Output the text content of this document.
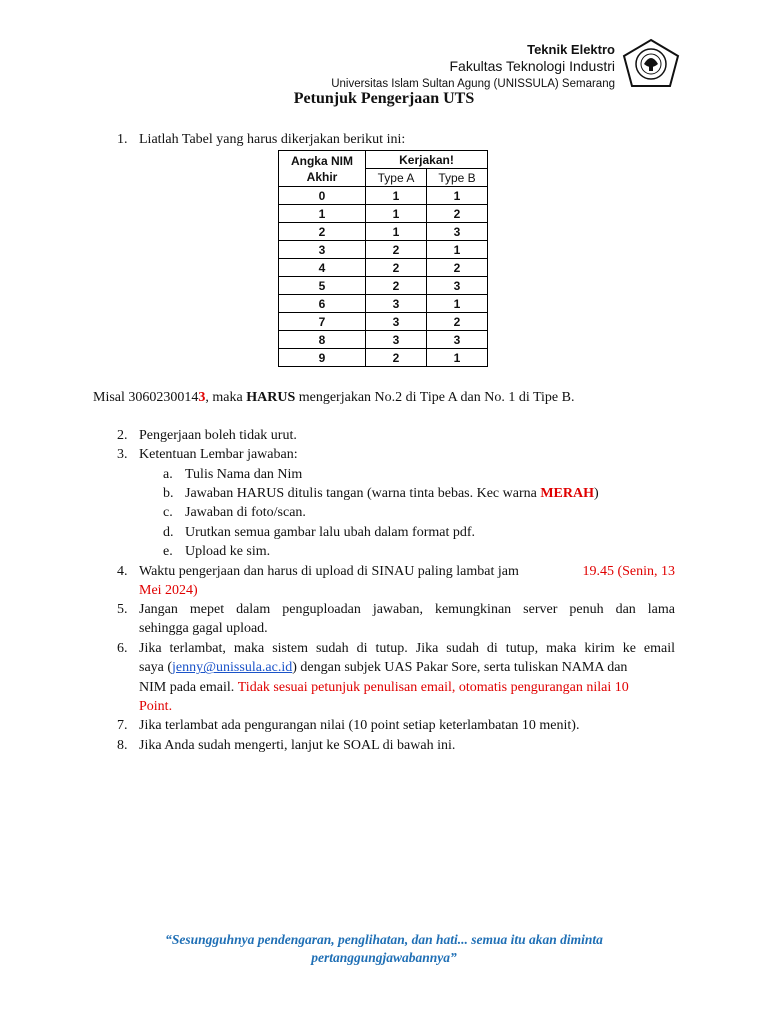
Teknik Elektro
Fakultas Teknologi Industri
Universitas Islam Sultan Agung (UNISSULA) Semarang
Petunjuk Pengerjaan UTS
1. Liatlah Tabel yang harus dikerjakan berikut ini:
Angka NIM Akhir	Kerjakan!	
	Type A	Type B
0	1	1
1	1	2
2	1	3
3	2	1
4	2	2
5	2	3
6	3	1
7	3	2
8	3	3
9	2	1
Misal 30602300143, maka HARUS mengerjakan No.2 di Tipe A dan No. 1 di Tipe B.
2. Pengerjaan boleh tidak urut.
3. Ketentuan Lembar jawaban:
a. Tulis Nama dan Nim
b. Jawaban HARUS ditulis tangan (warna tinta bebas. Kec warna MERAH)
c. Jawaban di foto/scan.
d. Urutkan semua gambar lalu ubah dalam format pdf.
e. Upload ke sim.
4. Waktu pengerjaan dan harus di upload di SINAU paling lambat jam	19.45 (Senin, 13
Mei 2024)
5. Jangan mepet dalam penguploadan jawaban, kemungkinan server penuh dan lama
sehingga gagal upload.
6. Jika terlambat, maka sistem sudah di tutup. Jika sudah di tutup, maka kirim ke email
saya (jenny@unissula.ac.id) dengan subjek UAS Pakar Sore, serta tuliskan NAMA dan
NIM pada email. Tidak sesuai petunjuk penulisan email, otomatis pengurangan nilai 10
Point.
7. Jika terlambat ada pengurangan nilai (10 point setiap keterlambatan 10 menit).
8. Jika Anda sudah mengerti, lanjut ke SOAL di bawah ini.
“Sesungguhnya pendengaran, penglihatan, dan hati... semua itu akan diminta
pertanggungjawabannya”
